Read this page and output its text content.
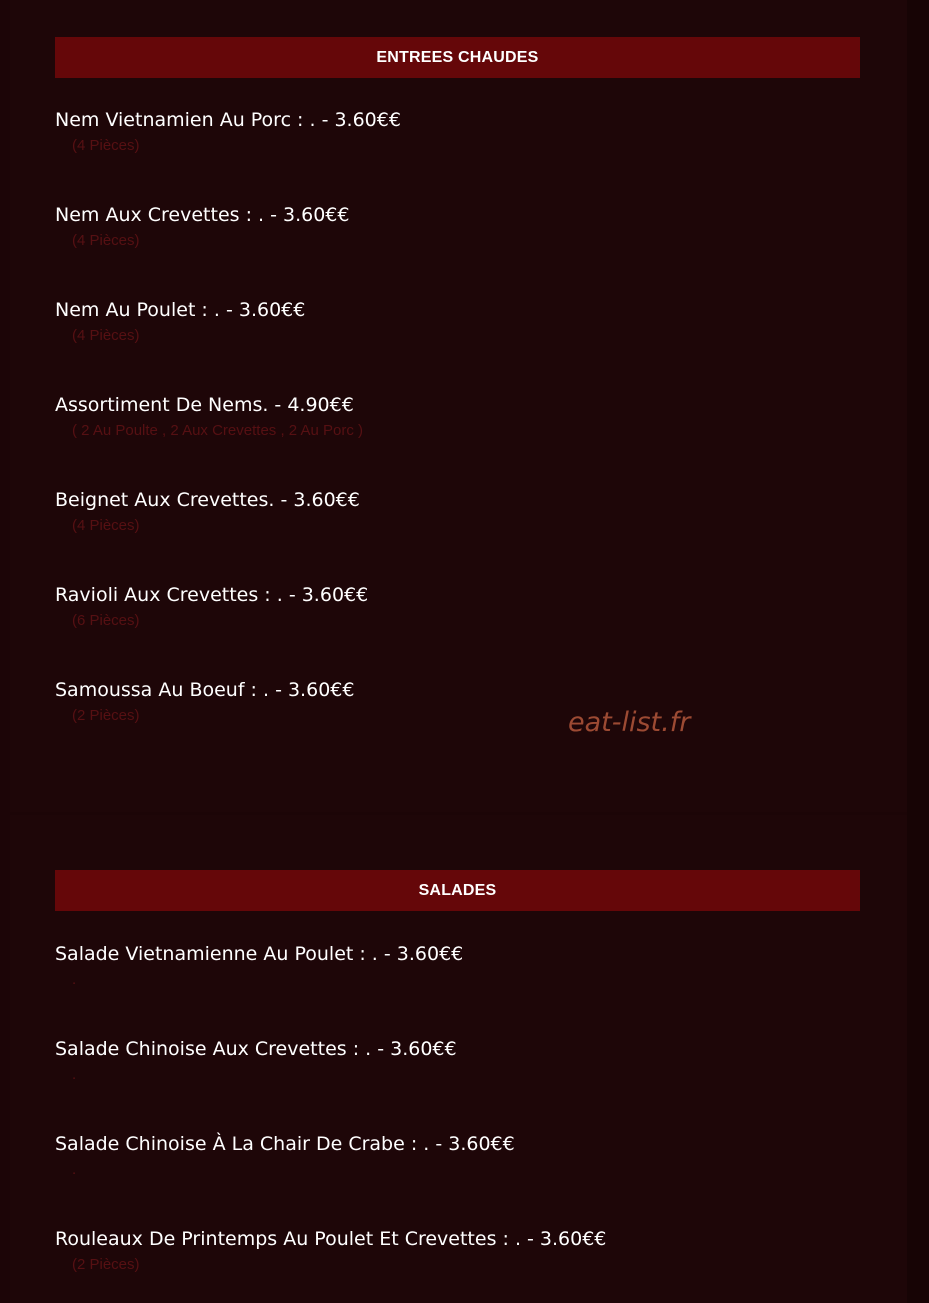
ENTREES CHAUDES
Nem Vietnamien Au Porc : . - 3.60€€
(4 Pièces)
Nem Aux Crevettes : . - 3.60€€
(4 Pièces)
Nem Au Poulet : . - 3.60€€
(4 Pièces)
Assortiment De Nems. - 4.90€€
( 2 Au Poulte , 2 Aux Crevettes , 2 Au Porc )
Beignet Aux Crevettes. - 3.60€€
(4 Pièces)
Ravioli Aux Crevettes : . - 3.60€€
(6 Pièces)
Samoussa Au Boeuf : . - 3.60€€
(2 Pièces)
SALADES
Salade Vietnamienne Au Poulet : . - 3.60€€
.
Salade Chinoise Aux Crevettes : . - 3.60€€
.
Salade Chinoise À La Chair De Crabe : . - 3.60€€
.
Rouleaux De Printemps Au Poulet Et Crevettes : . - 3.60€€
(2 Pièces)
eat-list.fr
